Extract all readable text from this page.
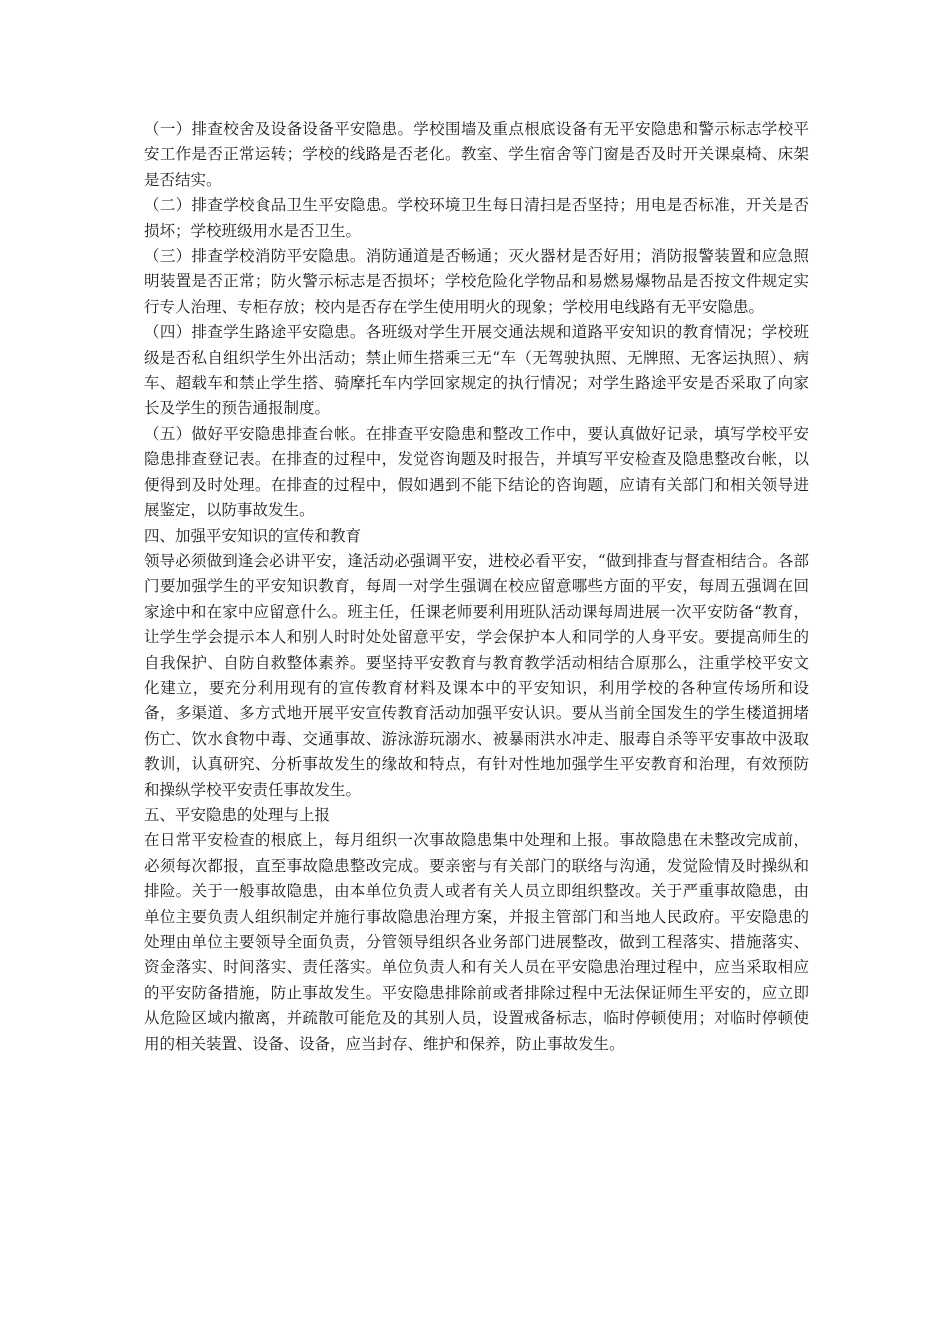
（一）排查校舍及设备设备平安隐患。学校围墙及重点根底设备有无平安隐患和警示标志学校平安工作是否正常运转；学校的线路是否老化。教室、学生宿舍等门窗是否及时开关课桌椅、床架是否结实。

（二）排查学校食品卫生平安隐患。学校环境卫生每日清扫是否坚持；用电是否标准，开关是否损坏；学校班级用水是否卫生。

（三）排查学校消防平安隐患。消防通道是否畅通；灭火器材是否好用；消防报警装置和应急照明装置是否正常；防火警示标志是否损坏；学校危险化学物品和易燃易爆物品是否按文件规定实行专人治理、专柜存放；校内是否存在学生使用明火的现象；学校用电线路有无平安隐患。

（四）排查学生路途平安隐患。各班级对学生开展交通法规和道路平安知识的教育情况；学校班级是否私自组织学生外出活动；禁止师生搭乘三无“车（无驾驶执照、无牌照、无客运执照）、病车、超载车和禁止学生搭、骑摩托车内学回家规定的执行情况；对学生路途平安是否采取了向家长及学生的预告通报制度。

（五）做好平安隐患排查台帐。在排查平安隐患和整改工作中，要认真做好记录，填写学校平安隐患排查登记表。在排查的过程中，发觉咨询题及时报告，并填写平安检查及隐患整改台帐，以便得到及时处理。在排查的过程中，假如遇到不能下结论的咨询题，应请有关部门和相关领导进展鉴定，以防事故发生。

四、加强平安知识的宣传和教育

领导必须做到逢会必讲平安，逢活动必强调平安，进校必看平安，“做到排查与督查相结合。各部门要加强学生的平安知识教育，每周一对学生强调在校应留意哪些方面的平安，每周五强调在回家途中和在家中应留意什么。班主任，任课老师要利用班队活动课每周进展一次平安防备“教育，让学生学会提示本人和别人时时处处留意平安，学会保护本人和同学的人身平安。要提高师生的自我保护、自防自救整体素养。要坚持平安教育与教育教学活动相结合原那么，注重学校平安文化建立，要充分利用现有的宣传教育材料及课本中的平安知识，利用学校的各种宣传场所和设备，多渠道、多方式地开展平安宣传教育活动加强平安认识。要从当前全国发生的学生楼道拥堵伤亡、饮水食物中毒、交通事故、游泳游玩溺水、被暴雨洪水冲走、服毒自杀等平安事故中汲取教训，认真研究、分析事故发生的缘故和特点，有针对性地加强学生平安教育和治理，有效预防和操纵学校平安责任事故发生。

五、平安隐患的处理与上报

在日常平安检查的根底上，每月组织一次事故隐患集中处理和上报。事故隐患在未整改完成前，必须每次都报，直至事故隐患整改完成。要亲密与有关部门的联络与沟通，发觉险情及时操纵和排险。关于一般事故隐患，由本单位负责人或者有关人员立即组织整改。关于严重事故隐患，由单位主要负责人组织制定并施行事故隐患治理方案，并报主管部门和当地人民政府。平安隐患的处理由单位主要领导全面负责，分管领导组织各业务部门进展整改，做到工程落实、措施落实、资金落实、时间落实、责任落实。单位负责人和有关人员在平安隐患治理过程中，应当采取相应的平安防备措施，防止事故发生。平安隐患排除前或者排除过程中无法保证师生平安的，应立即从危险区域内撤离，并疏散可能危及的其别人员，设置戒备标志，临时停顿使用；对临时停顿使用的相关装置、设备、设备，应当封存、维护和保养，防止事故发生。
